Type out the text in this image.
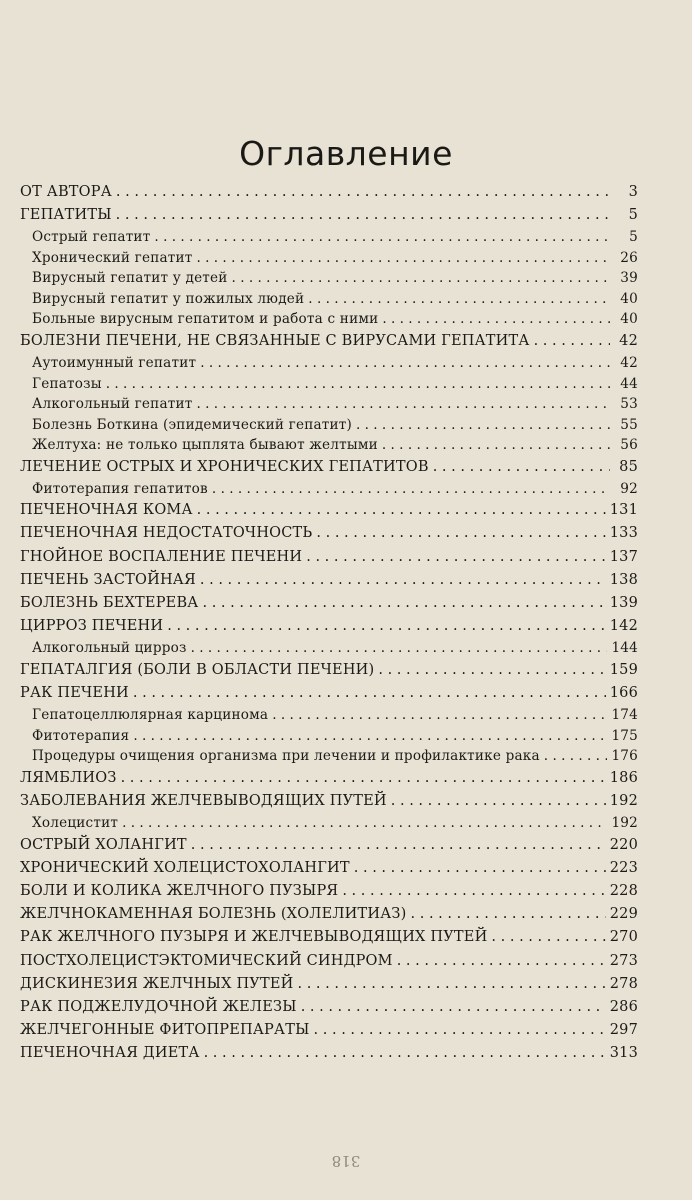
Оглавление
ОТ АВТОРА . . .	3
ГЕПАТИТЫ . . .	5
Острый гепатит . . .	5
Хронический гепатит . . .	26
Вирусный гепатит у детей . . .	39
Вирусный гепатит у пожилых людей . . .	40
Больные вирусным гепатитом и работа с ними . . .	40
БОЛЕЗНИ ПЕЧЕНИ, НЕ СВЯЗАННЫЕ С ВИРУСАМИ ГЕПАТИТА . . .	42
Аутоимунный гепатит . . .	42
Гепатозы . . .	44
Алкогольный гепатит . . .	53
Болезнь Боткина (эпидемический гепатит) . . .	55
Желтуха: не только цыплята бывают желтыми . . .	56
ЛЕЧЕНИЕ ОСТРЫХ И ХРОНИЧЕСКИХ ГЕПАТИТОВ . . .	85
Фитотерапия гепатитов . . .	92
ПЕЧЕНОЧНАЯ КОМА . . .	131
ПЕЧЕНОЧНАЯ НЕДОСТАТОЧНОСТЬ . . .	133
ГНОЙНОЕ ВОСПАЛЕНИЕ ПЕЧЕНИ . . .	137
ПЕЧЕНЬ ЗАСТОЙНАЯ . . .	138
БОЛЕЗНЬ БЕХТЕРЕВА . . .	139
ЦИРРОЗ ПЕЧЕНИ . . .	142
Алкогольный цирроз . . .	144
ГЕПАТАЛГИЯ (БОЛИ В ОБЛАСТИ ПЕЧЕНИ) . . .	159
РАК ПЕЧЕНИ . . .	166
Гепатоцеллюлярная карцинома . . .	174
Фитотерапия . . .	175
Процедуры очищения организма при лечении и профилактике рака . . .	176
ЛЯМБЛИОЗ . . .	186
ЗАБОЛЕВАНИЯ ЖЕЛЧЕВЫВОДЯЩИХ ПУТЕЙ . . .	192
Холецистит . . .	192
ОСТРЫЙ ХОЛАНГИТ . . .	220
ХРОНИЧЕСКИЙ ХОЛЕЦИСТОХОЛАНГИТ . . .	223
БОЛИ И КОЛИКА ЖЕЛЧНОГО ПУЗЫРЯ . . .	228
ЖЕЛЧНОКАМЕННАЯ БОЛЕЗНЬ (ХОЛЕЛИТИАЗ) . . .	229
РАК ЖЕЛЧНОГО ПУЗЫРЯ И ЖЕЛЧЕВЫВОДЯЩИХ ПУТЕЙ . . .	270
ПОСТХОЛЕЦИСТЭКТОМИЧЕСКИЙ СИНДРОМ . . .	273
ДИСКИНЕЗИЯ ЖЕЛЧНЫХ ПУТЕЙ . . .	278
РАК ПОДЖЕЛУДОЧНОЙ ЖЕЛЕЗЫ . . .	286
ЖЕЛЧЕГОННЫЕ ФИТОПРЕПАРАТЫ . . .	297
ПЕЧЕНОЧНАЯ ДИЕТА . . .	313
318
